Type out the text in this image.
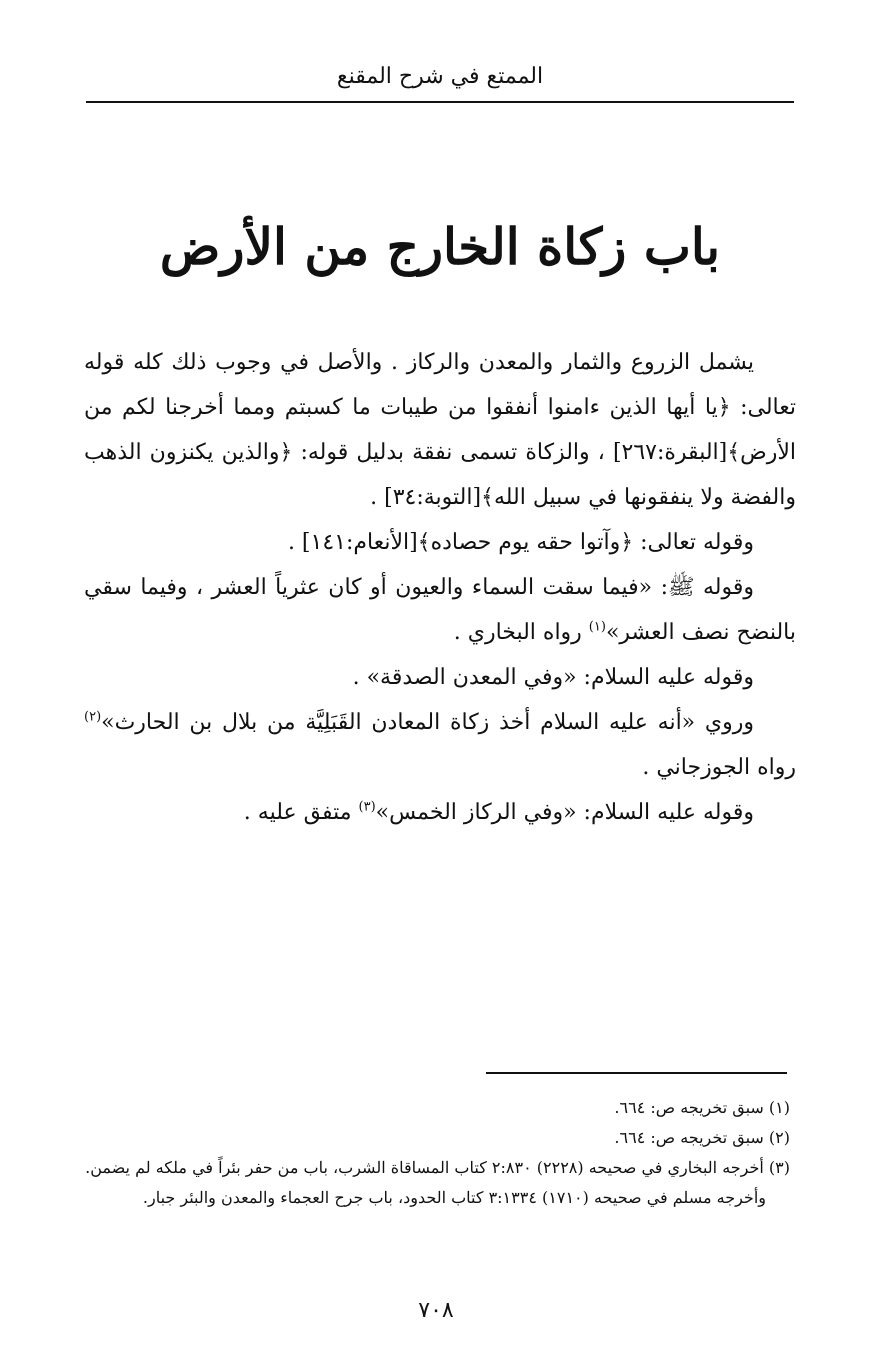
الممتع في شرح المقنع
باب زكاة الخارج من الأرض

يشمل الزروع والثمار والمعدن والركاز . والأصل في وجوب ذلك كله قوله تعالى: ﴿يا أيها الذين ءامنوا أنفقوا من طيبات ما كسبتم ومما أخرجنا لكم من الأرض﴾[البقرة:٢٦٧] ، والزكاة تسمى نفقة بدليل قوله: ﴿والذين يكنزون الذهب والفضة ولا ينفقونها في سبيل الله﴾[التوبة:٣٤] .

وقوله تعالى: ﴿وآتوا حقه يوم حصاده﴾[الأنعام:١٤١] .

وقوله ﷺ: «فيما سقت السماء والعيون أو كان عثرياً العشر ، وفيما سقي بالنضح نصف العشر»$^{(١)}$ رواه البخاري .

وقوله عليه السلام: «وفي المعدن الصدقة» .

وروي «أنه عليه السلام أخذ زكاة المعادن القَبَلِيَّة من بلال بن الحارث»$^{(٢)}$ رواه الجوزجاني .

وقوله عليه السلام: «وفي الركاز الخمس»$^{(٣)}$ متفق عليه .

(١) سبق تخريجه ص: ٦٦٤.

(٢) سبق تخريجه ص: ٦٦٤.

(٣) أخرجه البخاري في صحيحه (٢٢٢٨) ٢:٨٣٠ كتاب المساقاة الشرب، باب من حفر بئراً في ملكه لم يضمن.

وأخرجه مسلم في صحيحه (١٧١٠) ٣:١٣٣٤ كتاب الحدود، باب جرح العجماء والمعدن والبئر جبار.

٧٠٨
